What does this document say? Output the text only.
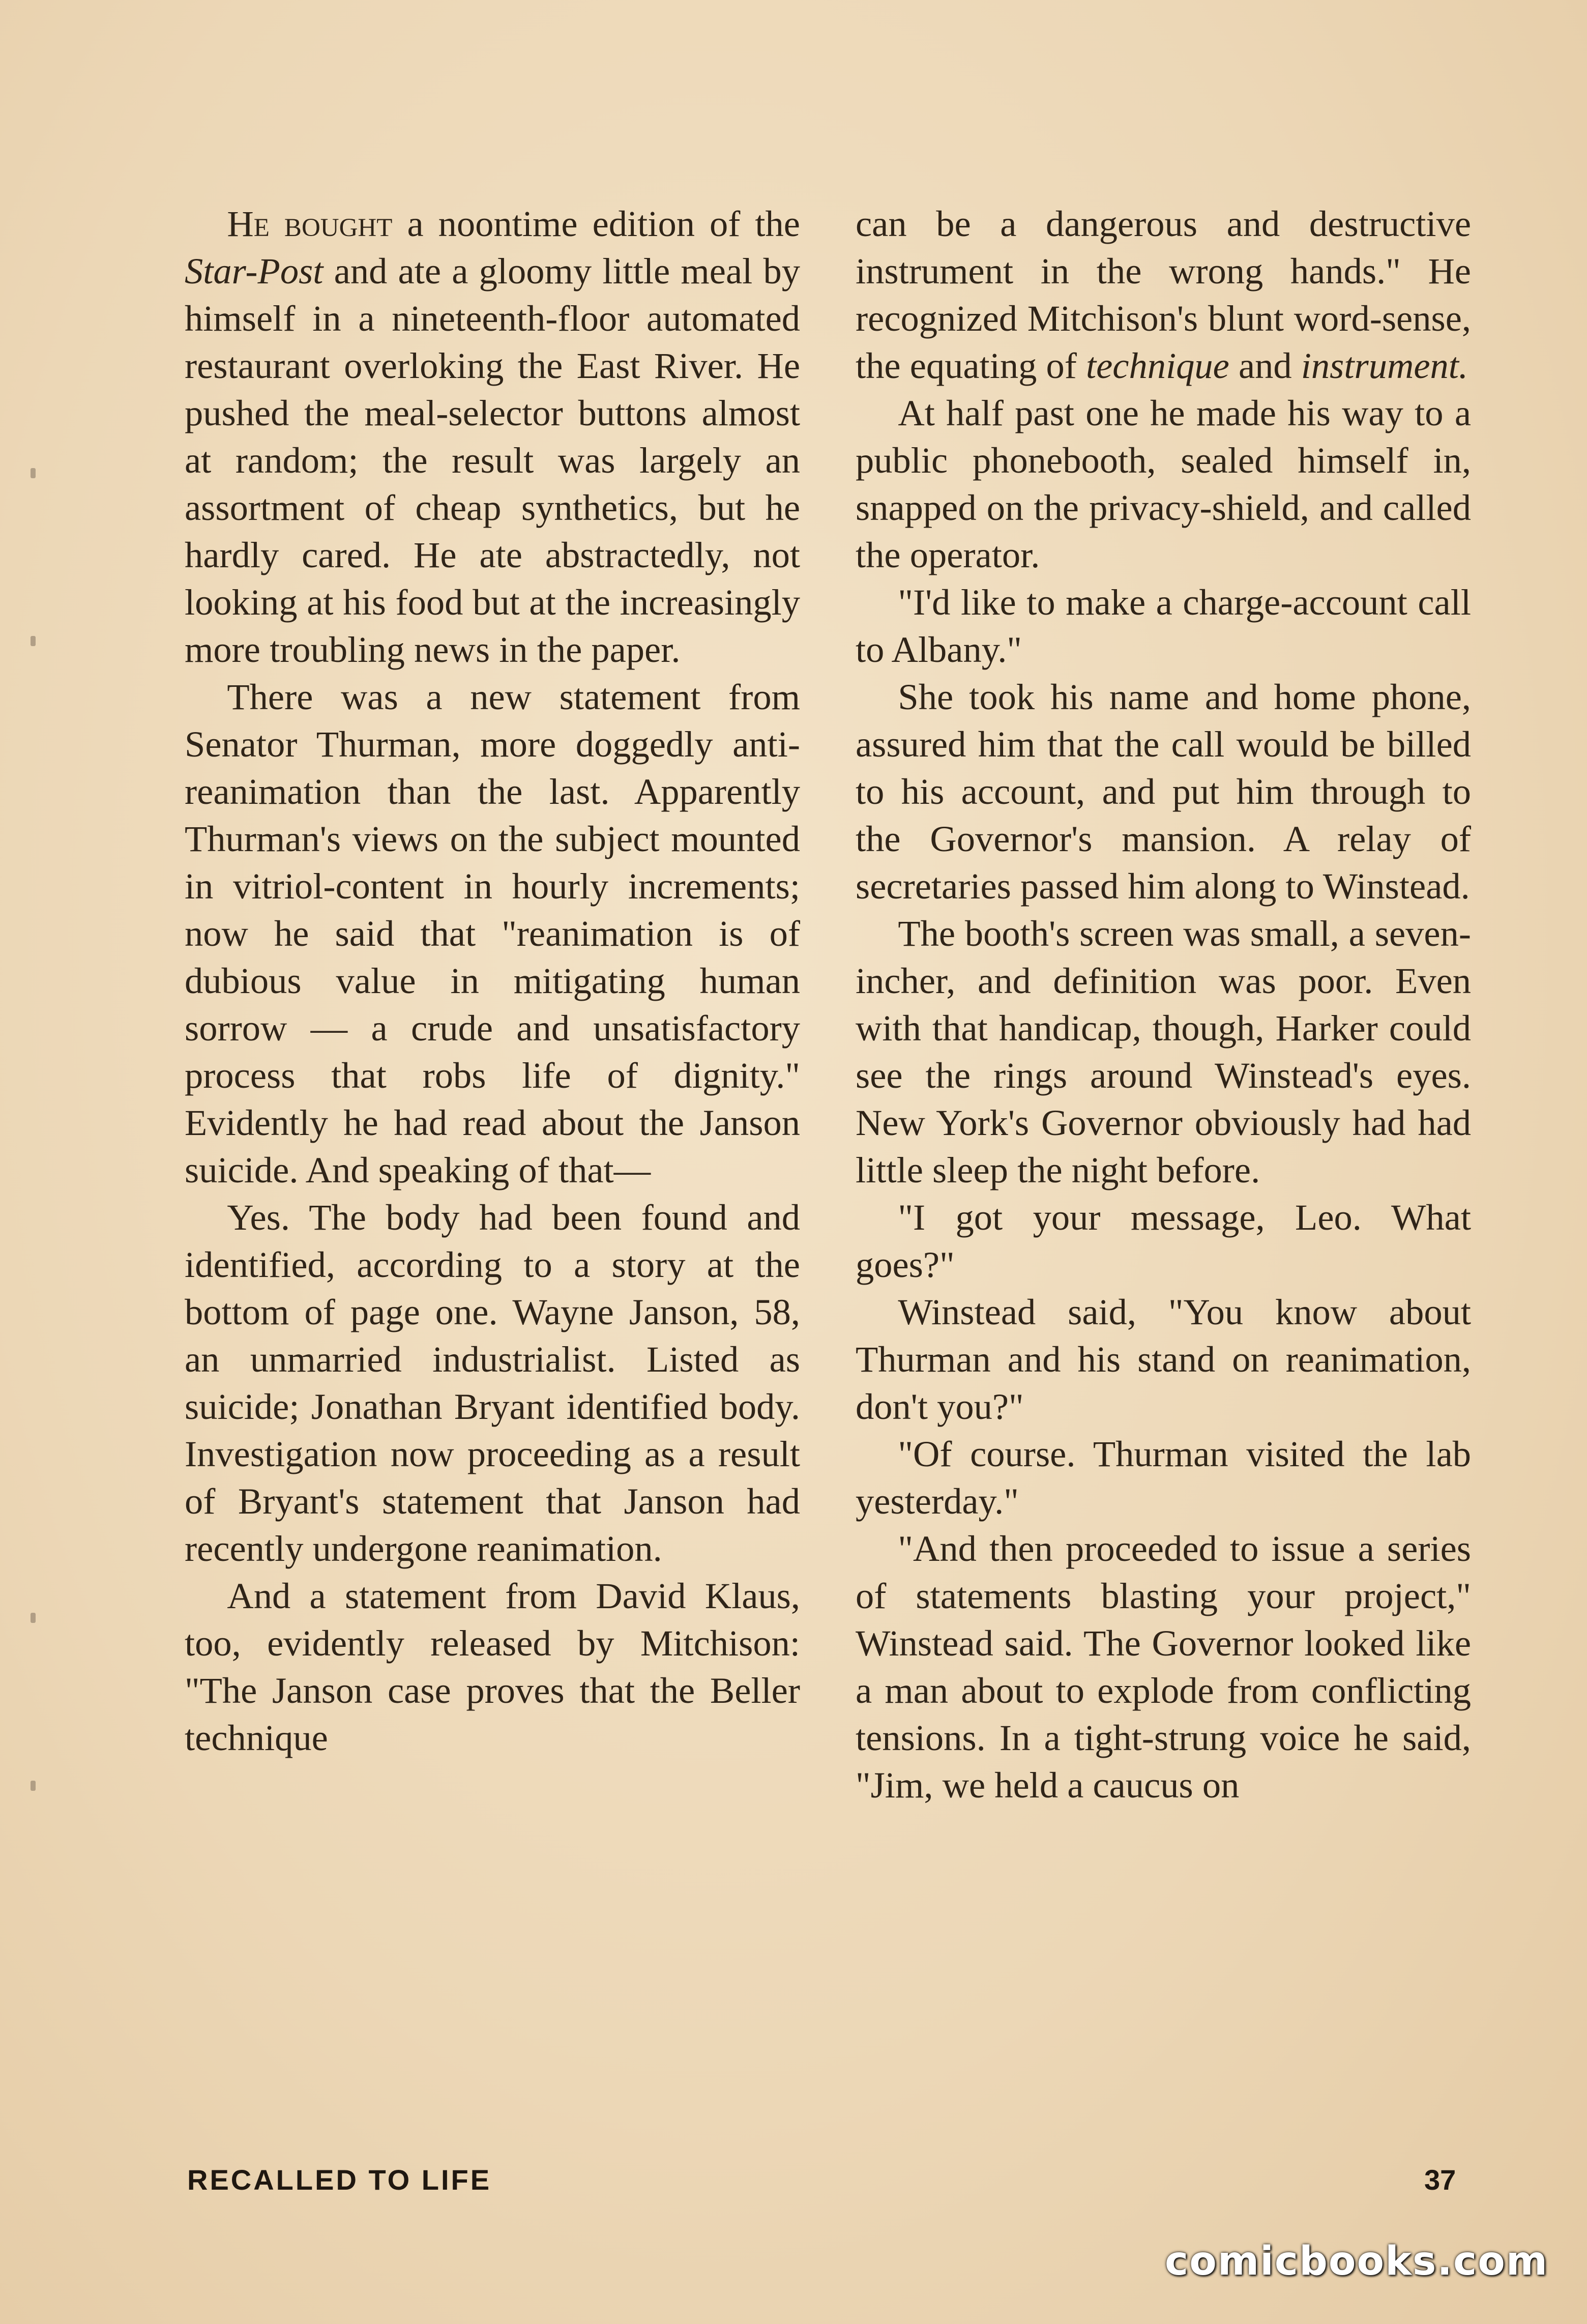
He bought a noontime edition of the Star-Post and ate a gloomy little meal by himself in a nineteenth-floor automated restaurant overloking the East River. He pushed the meal-selector buttons almost at random; the result was largely an assortment of cheap synthetics, but he hardly cared. He ate abstractedly, not looking at his food but at the increasingly more troubling news in the paper.

There was a new statement from Senator Thurman, more doggedly anti-reanimation than the last. Apparently Thurman's views on the subject mounted in vitriol-content in hourly increments; now he said that "reanimation is of dubious value in mitigating human sorrow — a crude and unsatisfactory process that robs life of dignity." Evidently he had read about the Janson suicide. And speaking of that—

Yes. The body had been found and identified, according to a story at the bottom of page one. Wayne Janson, 58, an unmarried industrialist. Listed as suicide; Jonathan Bryant identified body. Investigation now proceeding as a result of Bryant's statement that Janson had recently undergone reanimation.

And a statement from David Klaus, too, evidently released by Mitchison: "The Janson case proves that the Beller technique

can be a dangerous and destructive instrument in the wrong hands." He recognized Mitchison's blunt word-sense, the equating of technique and instrument.

At half past one he made his way to a public phonebooth, sealed himself in, snapped on the privacy-shield, and called the operator.

"I'd like to make a charge-account call to Albany."

She took his name and home phone, assured him that the call would be billed to his account, and put him through to the Governor's mansion. A relay of secretaries passed him along to Winstead.

The booth's screen was small, a seven-incher, and definition was poor. Even with that handicap, though, Harker could see the rings around Winstead's eyes. New York's Governor obviously had had little sleep the night before.

"I got your message, Leo. What goes?"

Winstead said, "You know about Thurman and his stand on reanimation, don't you?"

"Of course. Thurman visited the lab yesterday."

"And then proceeded to issue a series of statements blasting your project," Winstead said. The Governor looked like a man about to explode from conflicting tensions. In a tight-strung voice he said, "Jim, we held a caucus on

RECALLED TO LIFE	37
comicbooks.com
